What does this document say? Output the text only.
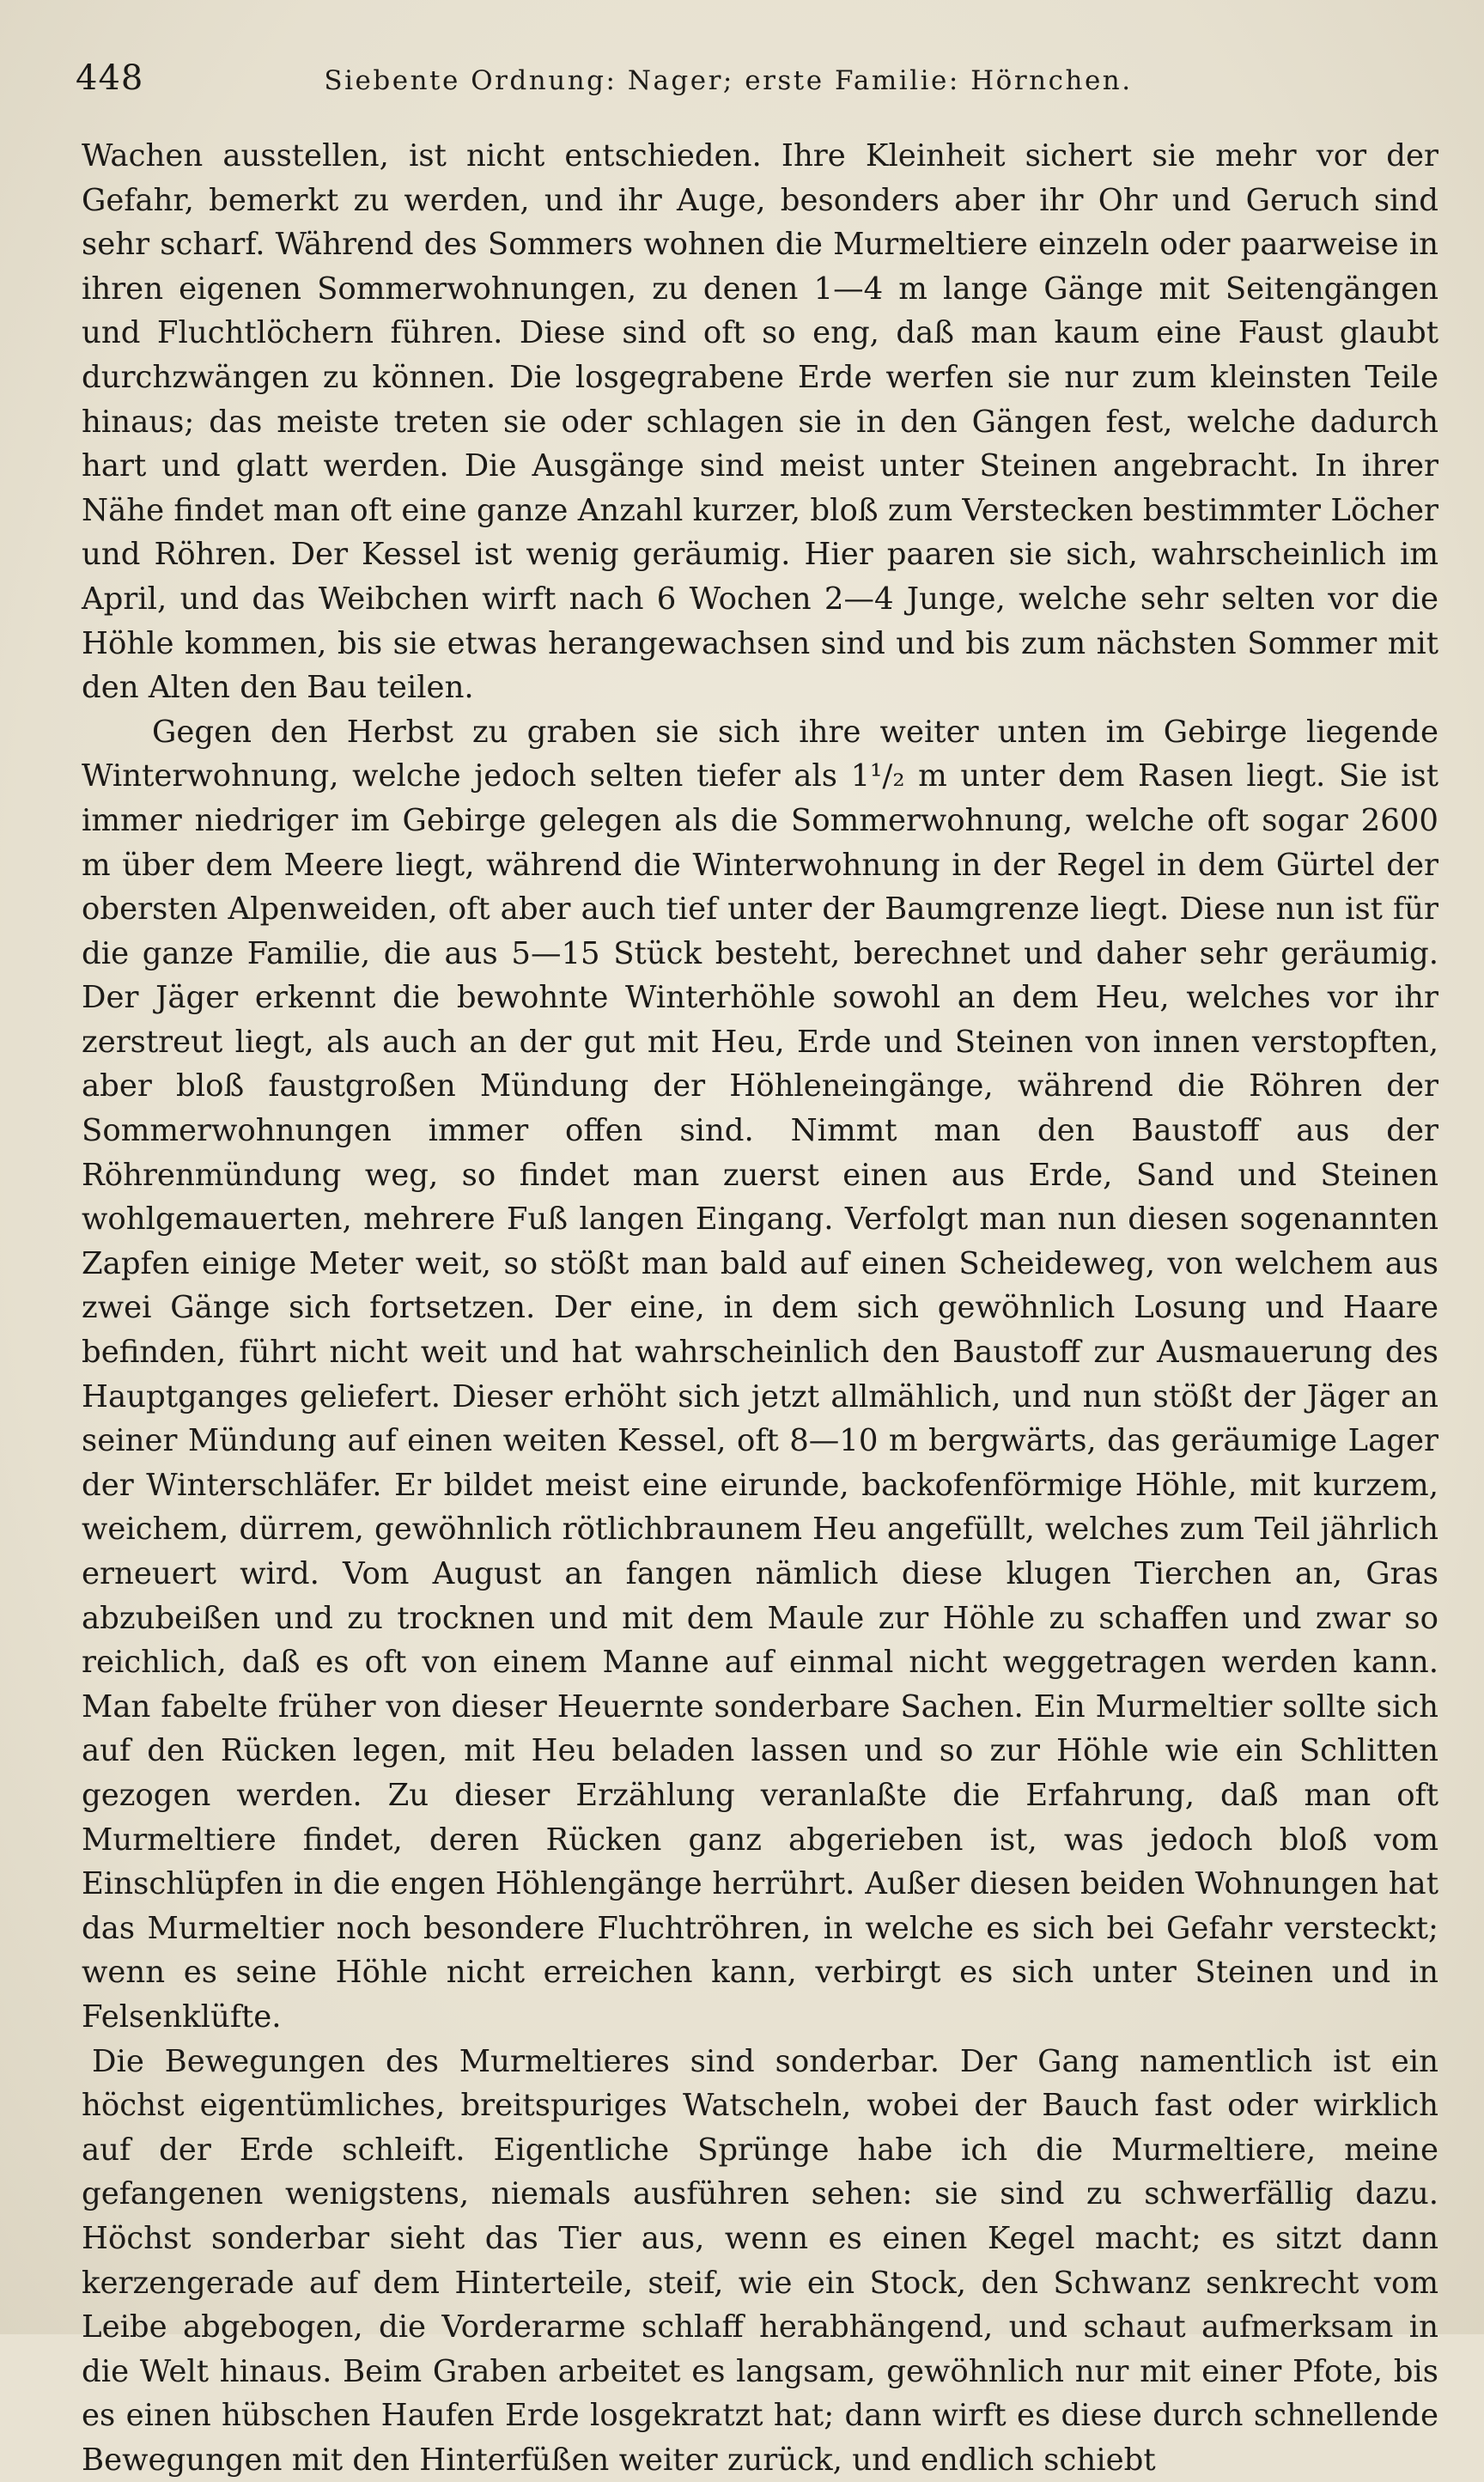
448	Siebente Ordnung: Nager; erste Familie: Hörnchen.

Wachen ausstellen, ist nicht entschieden. Ihre Kleinheit sichert sie mehr vor der Gefahr, bemerkt zu werden, und ihr Auge, besonders aber ihr Ohr und Geruch sind sehr scharf. Während des Sommers wohnen die Murmeltiere einzeln oder paarweise in ihren eigenen Sommerwohnungen, zu denen 1—4 m lange Gänge mit Seitengängen und Fluchtlöchern führen. Diese sind oft so eng, daß man kaum eine Faust glaubt durchzwängen zu können. Die losgegrabene Erde werfen sie nur zum kleinsten Teile hinaus; das meiste treten sie oder schlagen sie in den Gängen fest, welche dadurch hart und glatt werden. Die Ausgänge sind meist unter Steinen angebracht. In ihrer Nähe findet man oft eine ganze Anzahl kurzer, bloß zum Verstecken bestimmter Löcher und Röhren. Der Kessel ist wenig geräumig. Hier paaren sie sich, wahrscheinlich im April, und das Weibchen wirft nach 6 Wochen 2—4 Junge, welche sehr selten vor die Höhle kommen, bis sie etwas herangewachsen sind und bis zum nächsten Sommer mit den Alten den Bau teilen.

Gegen den Herbst zu graben sie sich ihre weiter unten im Gebirge liegende Winterwohnung, welche jedoch selten tiefer als 1¹/₂ m unter dem Rasen liegt. Sie ist immer niedriger im Gebirge gelegen als die Sommerwohnung, welche oft sogar 2600 m über dem Meere liegt, während die Winterwohnung in der Regel in dem Gürtel der obersten Alpenweiden, oft aber auch tief unter der Baumgrenze liegt. Diese nun ist für die ganze Familie, die aus 5—15 Stück besteht, berechnet und daher sehr geräumig. Der Jäger erkennt die bewohnte Winterhöhle sowohl an dem Heu, welches vor ihr zerstreut liegt, als auch an der gut mit Heu, Erde und Steinen von innen verstopften, aber bloß faustgroßen Mündung der Höhleneingänge, während die Röhren der Sommerwohnungen immer offen sind. Nimmt man den Baustoff aus der Röhrenmündung weg, so findet man zuerst einen aus Erde, Sand und Steinen wohlgemauerten, mehrere Fuß langen Eingang. Verfolgt man nun diesen sogenannten Zapfen einige Meter weit, so stößt man bald auf einen Scheideweg, von welchem aus zwei Gänge sich fortsetzen. Der eine, in dem sich gewöhnlich Losung und Haare befinden, führt nicht weit und hat wahrscheinlich den Baustoff zur Ausmauerung des Hauptganges geliefert. Dieser erhöht sich jetzt allmählich, und nun stößt der Jäger an seiner Mündung auf einen weiten Kessel, oft 8—10 m bergwärts, das geräumige Lager der Winterschläfer. Er bildet meist eine eirunde, backofenförmige Höhle, mit kurzem, weichem, dürrem, gewöhnlich rötlichbraunem Heu angefüllt, welches zum Teil jährlich erneuert wird. Vom August an fangen nämlich diese klugen Tierchen an, Gras abzubeißen und zu trocknen und mit dem Maule zur Höhle zu schaffen und zwar so reichlich, daß es oft von einem Manne auf einmal nicht weggetragen werden kann. Man fabelte früher von dieser Heuernte sonderbare Sachen. Ein Murmeltier sollte sich auf den Rücken legen, mit Heu beladen lassen und so zur Höhle wie ein Schlitten gezogen werden. Zu dieser Erzählung veranlaßte die Erfahrung, daß man oft Murmeltiere findet, deren Rücken ganz abgerieben ist, was jedoch bloß vom Einschlüpfen in die engen Höhlengänge herrührt. Außer diesen beiden Wohnungen hat das Murmeltier noch besondere Fluchtröhren, in welche es sich bei Gefahr versteckt; wenn es seine Höhle nicht erreichen kann, verbirgt es sich unter Steinen und in Felsenklüfte.

Die Bewegungen des Murmeltieres sind sonderbar. Der Gang namentlich ist ein höchst eigentümliches, breitspuriges Watscheln, wobei der Bauch fast oder wirklich auf der Erde schleift. Eigentliche Sprünge habe ich die Murmeltiere, meine gefangenen wenigstens, niemals ausführen sehen: sie sind zu schwerfällig dazu. Höchst sonderbar sieht das Tier aus, wenn es einen Kegel macht; es sitzt dann kerzengerade auf dem Hinterteile, steif, wie ein Stock, den Schwanz senkrecht vom Leibe abgebogen, die Vorderarme schlaff herabhängend, und schaut aufmerksam in die Welt hinaus. Beim Graben arbeitet es langsam, gewöhnlich nur mit einer Pfote, bis es einen hübschen Haufen Erde losgekratzt hat; dann wirft es diese durch schnellende Bewegungen mit den Hinterfüßen weiter zurück, und endlich schiebt
